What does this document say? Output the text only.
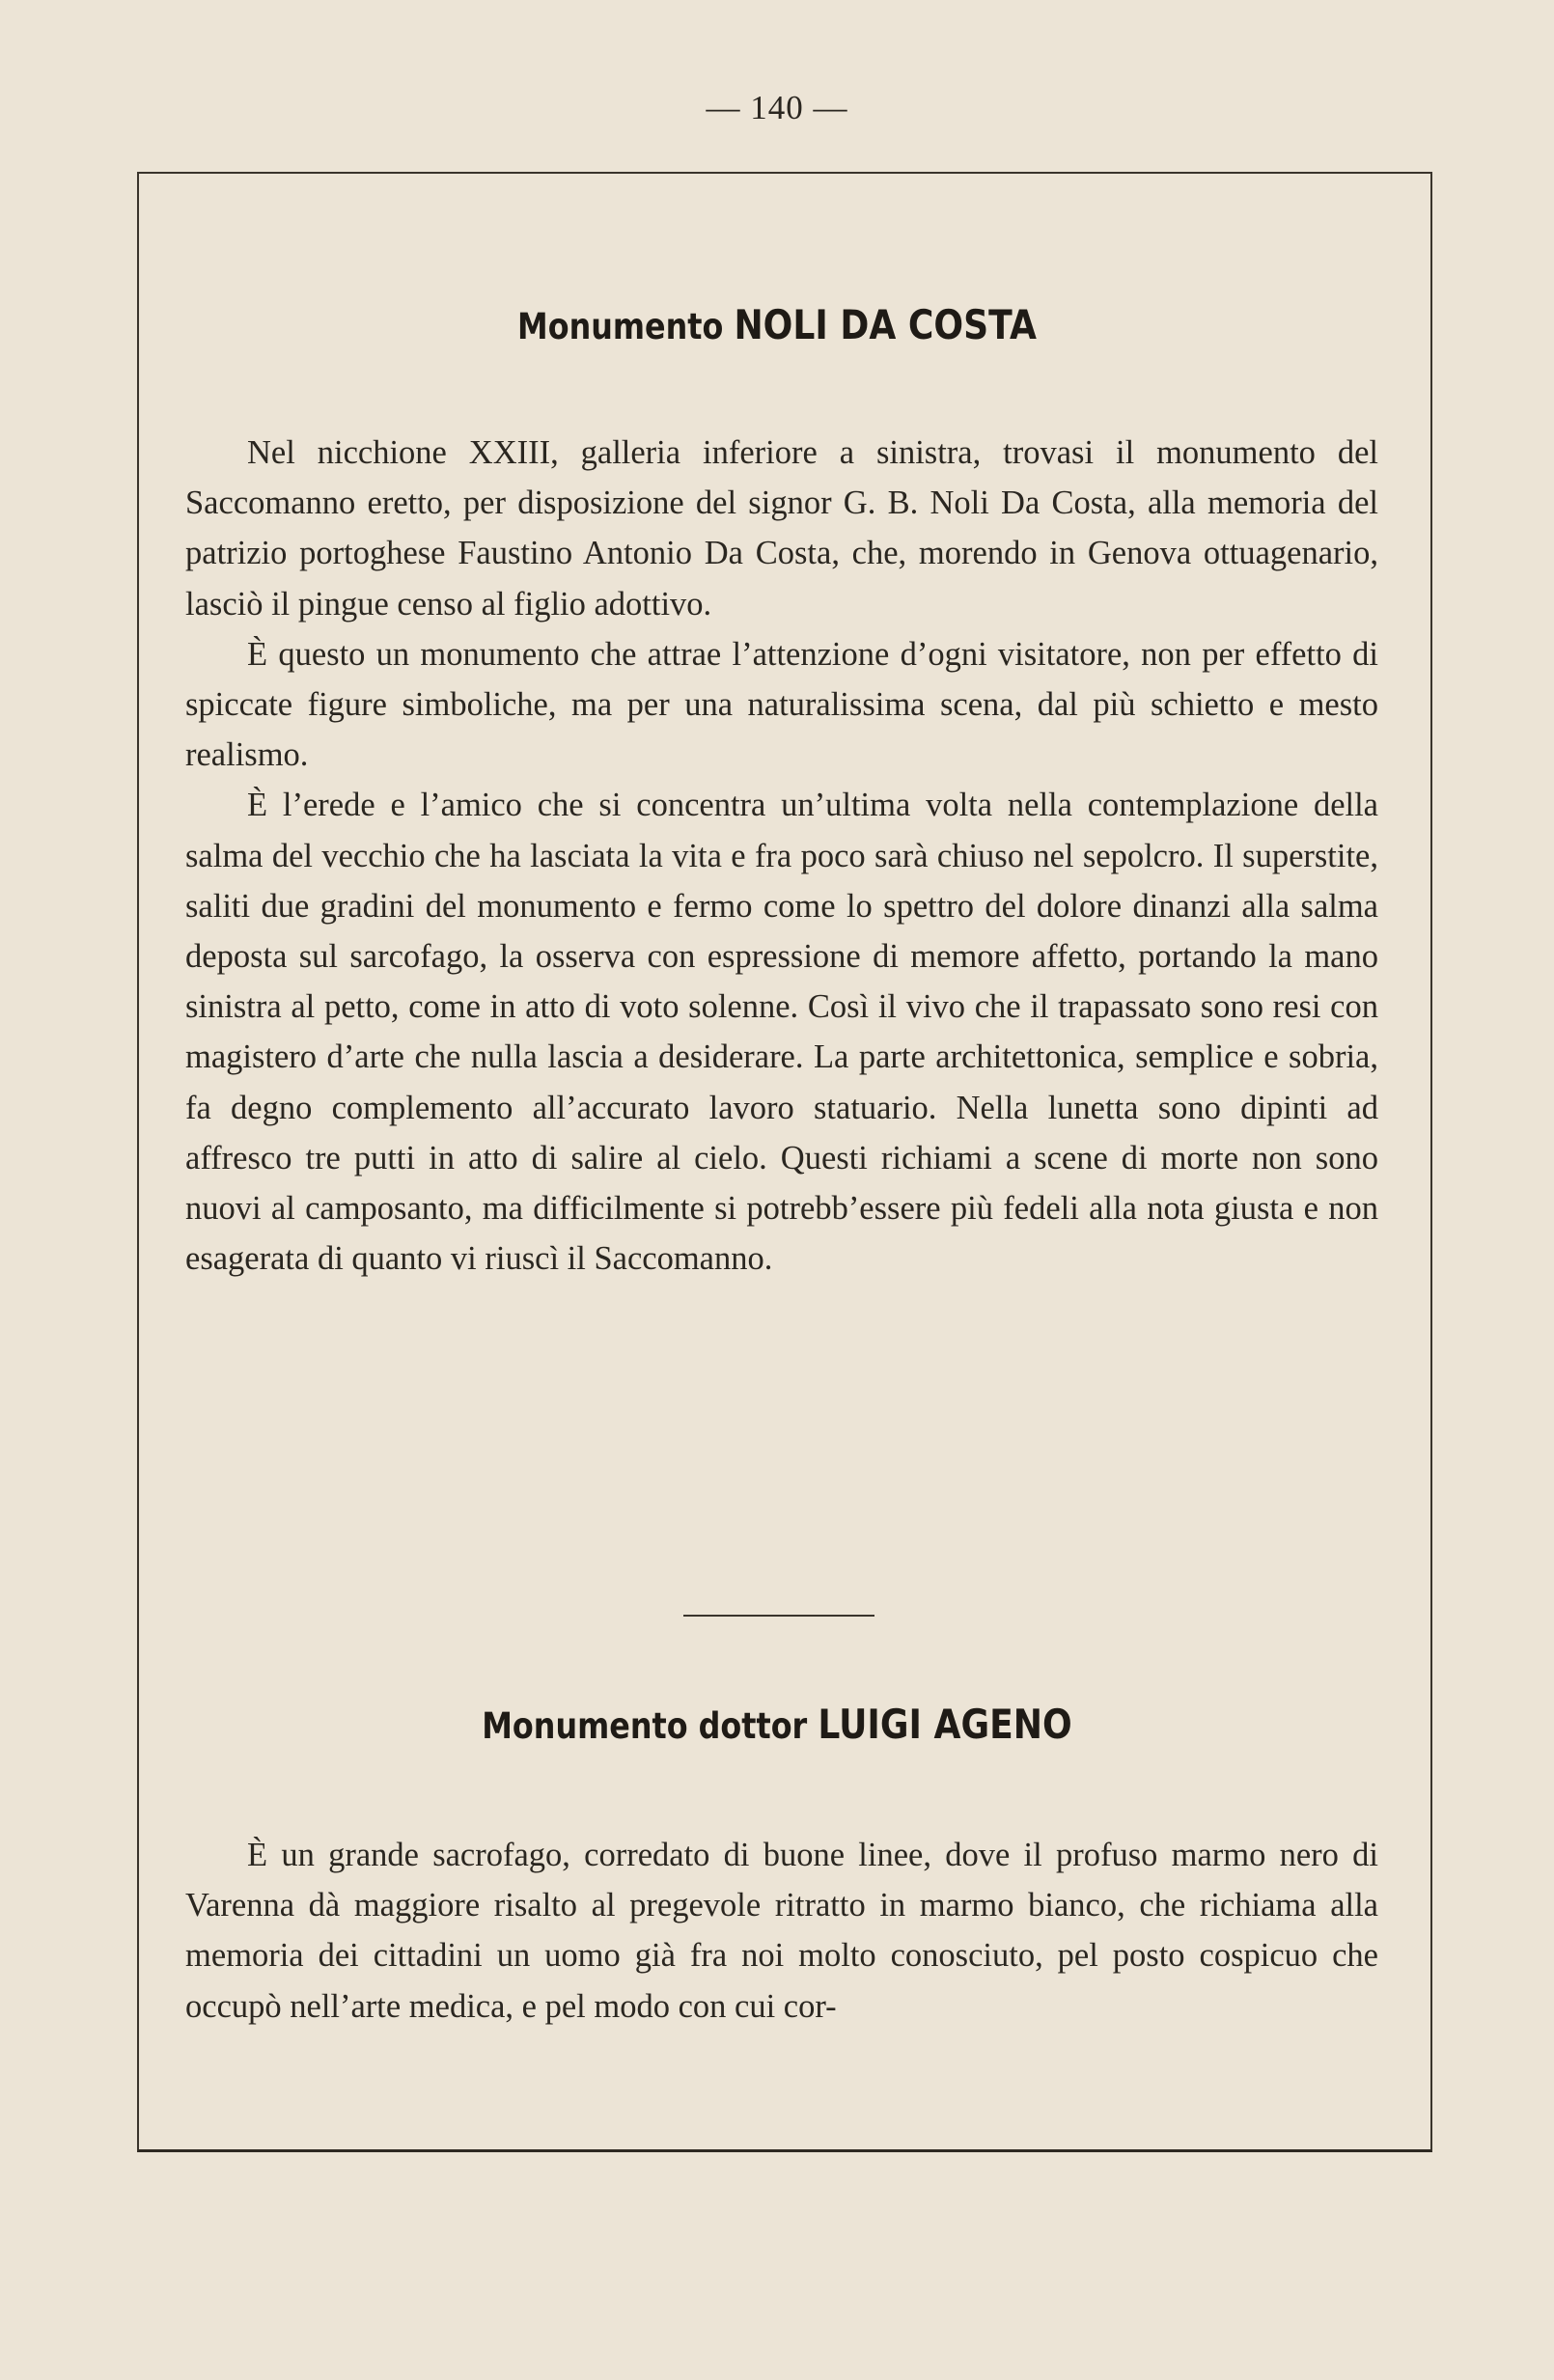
— 140 —
Monumento NOLI DA COSTA

Nel nicchione XXIII, galleria inferiore a sinistra, trovasi il monumento del Saccomanno eretto, per disposizione del signor G. B. Noli Da Costa, alla memoria del patrizio portoghese Faustino Antonio Da Costa, che, morendo in Genova ottuagenario, lasciò il pingue censo al figlio adottivo.

È questo un monumento che attrae l’attenzione d’ogni visitatore, non per effetto di spiccate figure simboliche, ma per una naturalissima scena, dal più schietto e mesto realismo.

È l’erede e l’amico che si concentra un’ultima volta nella contemplazione della salma del vecchio che ha lasciata la vita e fra poco sarà chiuso nel sepolcro. Il superstite, saliti due gradini del monumento e fermo come lo spettro del dolore dinanzi alla salma deposta sul sarcofago, la osserva con espressione di memore affetto, portando la mano sinistra al petto, come in atto di voto solenne. Così il vivo che il trapassato sono resi con magistero d’arte che nulla lascia a desiderare. La parte architettonica, semplice e sobria, fa degno complemento all’accurato lavoro statuario. Nella lunetta sono dipinti ad affresco tre putti in atto di salire al cielo. Questi richiami a scene di morte non sono nuovi al camposanto, ma difficilmente si potrebb’essere più fedeli alla nota giusta e non esagerata di quanto vi riuscì il Saccomanno.

Monumento dottor LUIGI AGENO

È un grande sacrofago, corredato di buone linee, dove il profuso marmo nero di Varenna dà maggiore risalto al pregevole ritratto in marmo bianco, che richiama alla memoria dei cittadini un uomo già fra noi molto conosciuto, pel posto cospicuo che occupò nell’arte medica, e pel modo con cui cor-
